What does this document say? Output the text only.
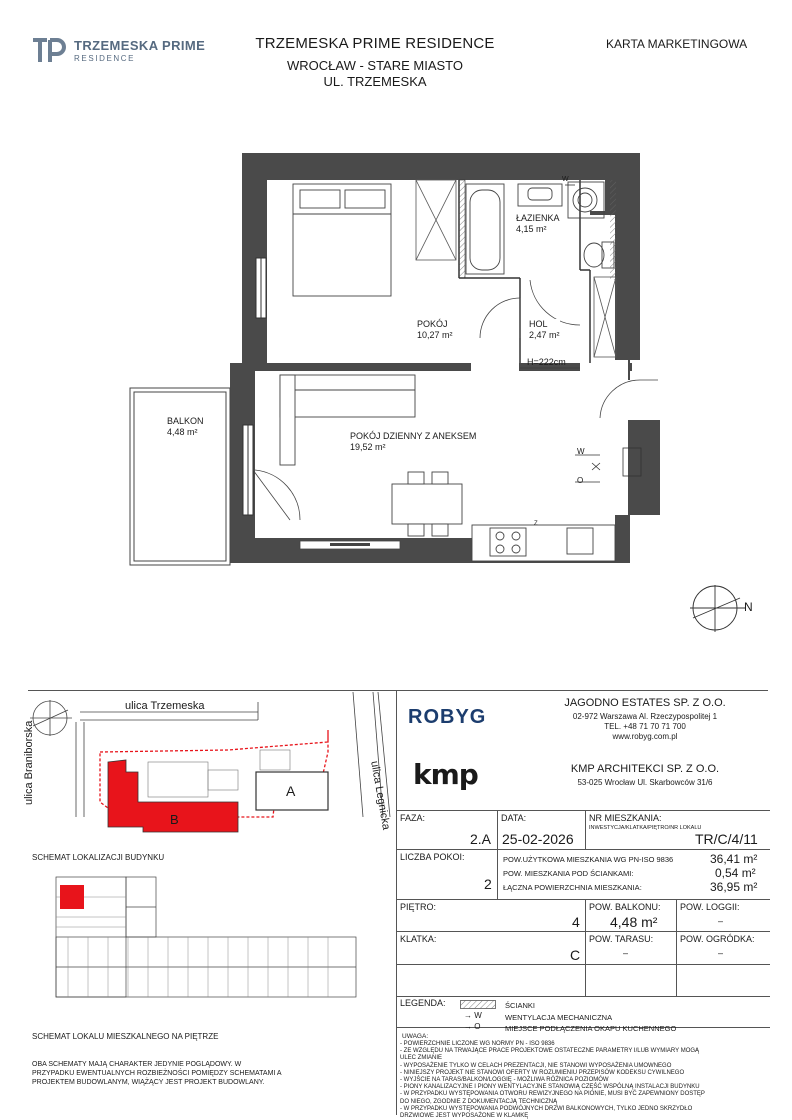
TRZEMESKA PRIME
RESIDENCE
TRZEMESKA PRIME RESIDENCE
WROCŁAW - STARE MIASTO
UL. TRZEMESKA
KARTA MARKETINGOWA
ŁAZIENKA
4,15 m²
POKÓJ
10,27 m²
HOL
2,47 m²
H=222cm
BALKON
4,48 m²	POKÓJ DZIENNY Z ANEKSEM
19,52 m²	W
O
W
Z
N
ulica Trzemeska
ulica Braniborska	ulica Legnicka
A
B
SCHEMAT LOKALIZACJI BUDYNKU
SCHEMAT LOKALU MIESZKALNEGO NA PIĘTRZE
OBA SCHEMATY MAJĄ CHARAKTER JEDYNIE POGLĄDOWY. W PRZYPADKU EWENTUALNYCH ROZBIEŻNOŚCI POMIĘDZY SCHEMATAMI A PROJEKTEM BUDOWLANYM, WIĄŻĄCY JEST PROJEKT BUDOWLANY.
ROBYG
JAGODNO ESTATES SP. Z O.O.
02-972 Warszawa Al. Rzeczypospolitej 1
TEL. +48 71 70 71 700
www.robyg.com.pl
kmp	KMP ARCHITEKCI SP. Z O.O.
53-025 Wrocław Ul. Skarbowców 31/6
FAZA:
2.A
DATA:
25-02-2026
NR MIESZKANIA:
INWESTYCJA/KLATKA/PIĘTRO/NR LOKALU
TR/C/4/11
LICZBA POKOI:
2
POW.UŻYTKOWA MIESZKANIA WG PN-ISO 9836	36,41 m²
POW. MIESZKANIA POD ŚCIANKAMI:	0,54 m²
ŁĄCZNA POWIERZCHNIA MIESZKANIA:	36,95 m²
PIĘTRO:
4
POW. BALKONU:
4,48 m²
POW. LOGGII:
–
KLATKA:
C
POW. TARASU:
–
POW. OGRÓDKA:
–
LEGENDA:	ŚCIANKI
→ W	WENTYLACJA MECHANICZNA
→ O	MIEJSCE PODŁĄCZENIA OKAPU KUCHENNEGO
UWAGA:
- POWIERZCHNIE LICZONE WG NORMY PN - ISO 9836
- ZE WZGLĘDU NA TRWAJĄCE PRACE PROJEKTOWE OSTATECZNE PARAMETRY I/LUB WYMIARY MOGĄ ULEC ZMIANIE
- WYPOSAŻENIE TYLKO W CELACH PREZENTACJI, NIE STANOWI WYPOSAŻENIA UMOWNEGO
- NINIEJSZY PROJEKT NIE STANOWI OFERTY W ROZUMIENIU PRZEPISÓW KODEKSU CYWILNEGO
- WYJŚCIE NA TARAS/BALKON/LOGGIĘ - MOŻLIWA RÓŻNICA POZIOMÓW
- PIONY KANALIZACYJNE I PIONY WENTYLACYJNE STANOWIĄ CZĘŚĆ WSPÓLNĄ INSTALACJI BUDYNKU
- W PRZYPADKU WYSTĘPOWANIA OTWORU REWIZYJNEGO NA PIONIE, MUSI BYĆ ZAPEWNIONY DOSTĘP DO NIEGO, ZGODNIE Z DOKUMENTACJĄ TECHNICZNĄ
- W PRZYPADKU WYSTĘPOWANIA PODWÓJNYCH DRZWI BALKONOWYCH, TYLKO JEDNO SKRZYDŁO DRZWIOWE JEST WYPOSAŻONE W KLAMKĘ
